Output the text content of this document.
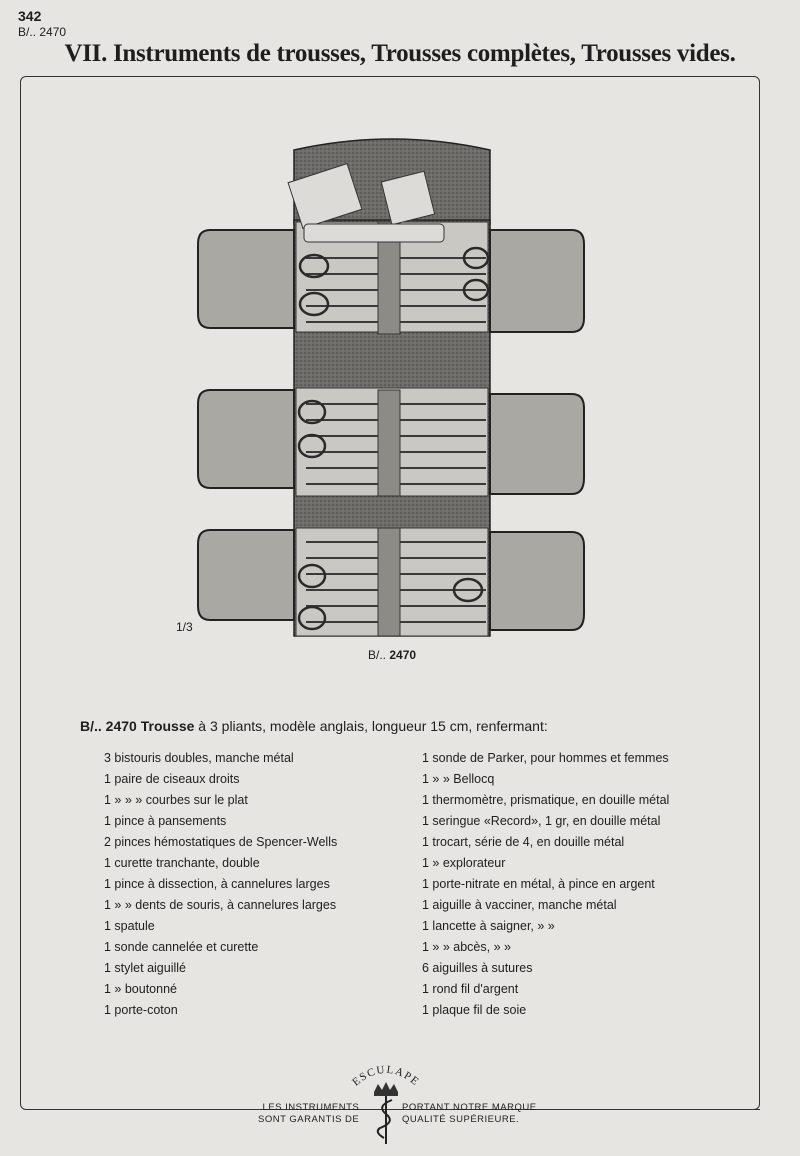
342
B/.. 2470
VII. Instruments de trousses, Trousses complètes, Trousses vides.
1/3
B/.. 2470
B/.. 2470 Trousse à 3 pliants, modèle anglais, longueur 15 cm, renfermant:
3 bistouris doubles, manche métal
1 paire de ciseaux droits
1 » » » courbes sur le plat
1 pince à pansements
2 pinces hémostatiques de Spencer-Wells
1 curette tranchante, double
1 pince à dissection, à cannelures larges
1 » » dents de souris, à cannelures larges
1 spatule
1 sonde cannelée et curette
1 stylet aiguillé
1 » boutonné
1 porte-coton
1 sonde de Parker, pour hommes et femmes
1 » » Bellocq
1 thermomètre, prismatique, en douille métal
1 seringue «Record», 1 gr, en douille métal
1 trocart, série de 4, en douille métal
1 » explorateur
1 porte-nitrate en métal, à pince en argent
1 aiguille à vacciner, manche métal
1 lancette à saigner, » »
1 » » abcès, » »
6 aiguilles à sutures
1 rond fil d'argent
1 plaque fil de soie
ESCULAPE
LES INSTRUMENTS
SONT GARANTIS DE
PORTANT NOTRE MARQUE
QUALITÉ SUPÉRIEURE.
